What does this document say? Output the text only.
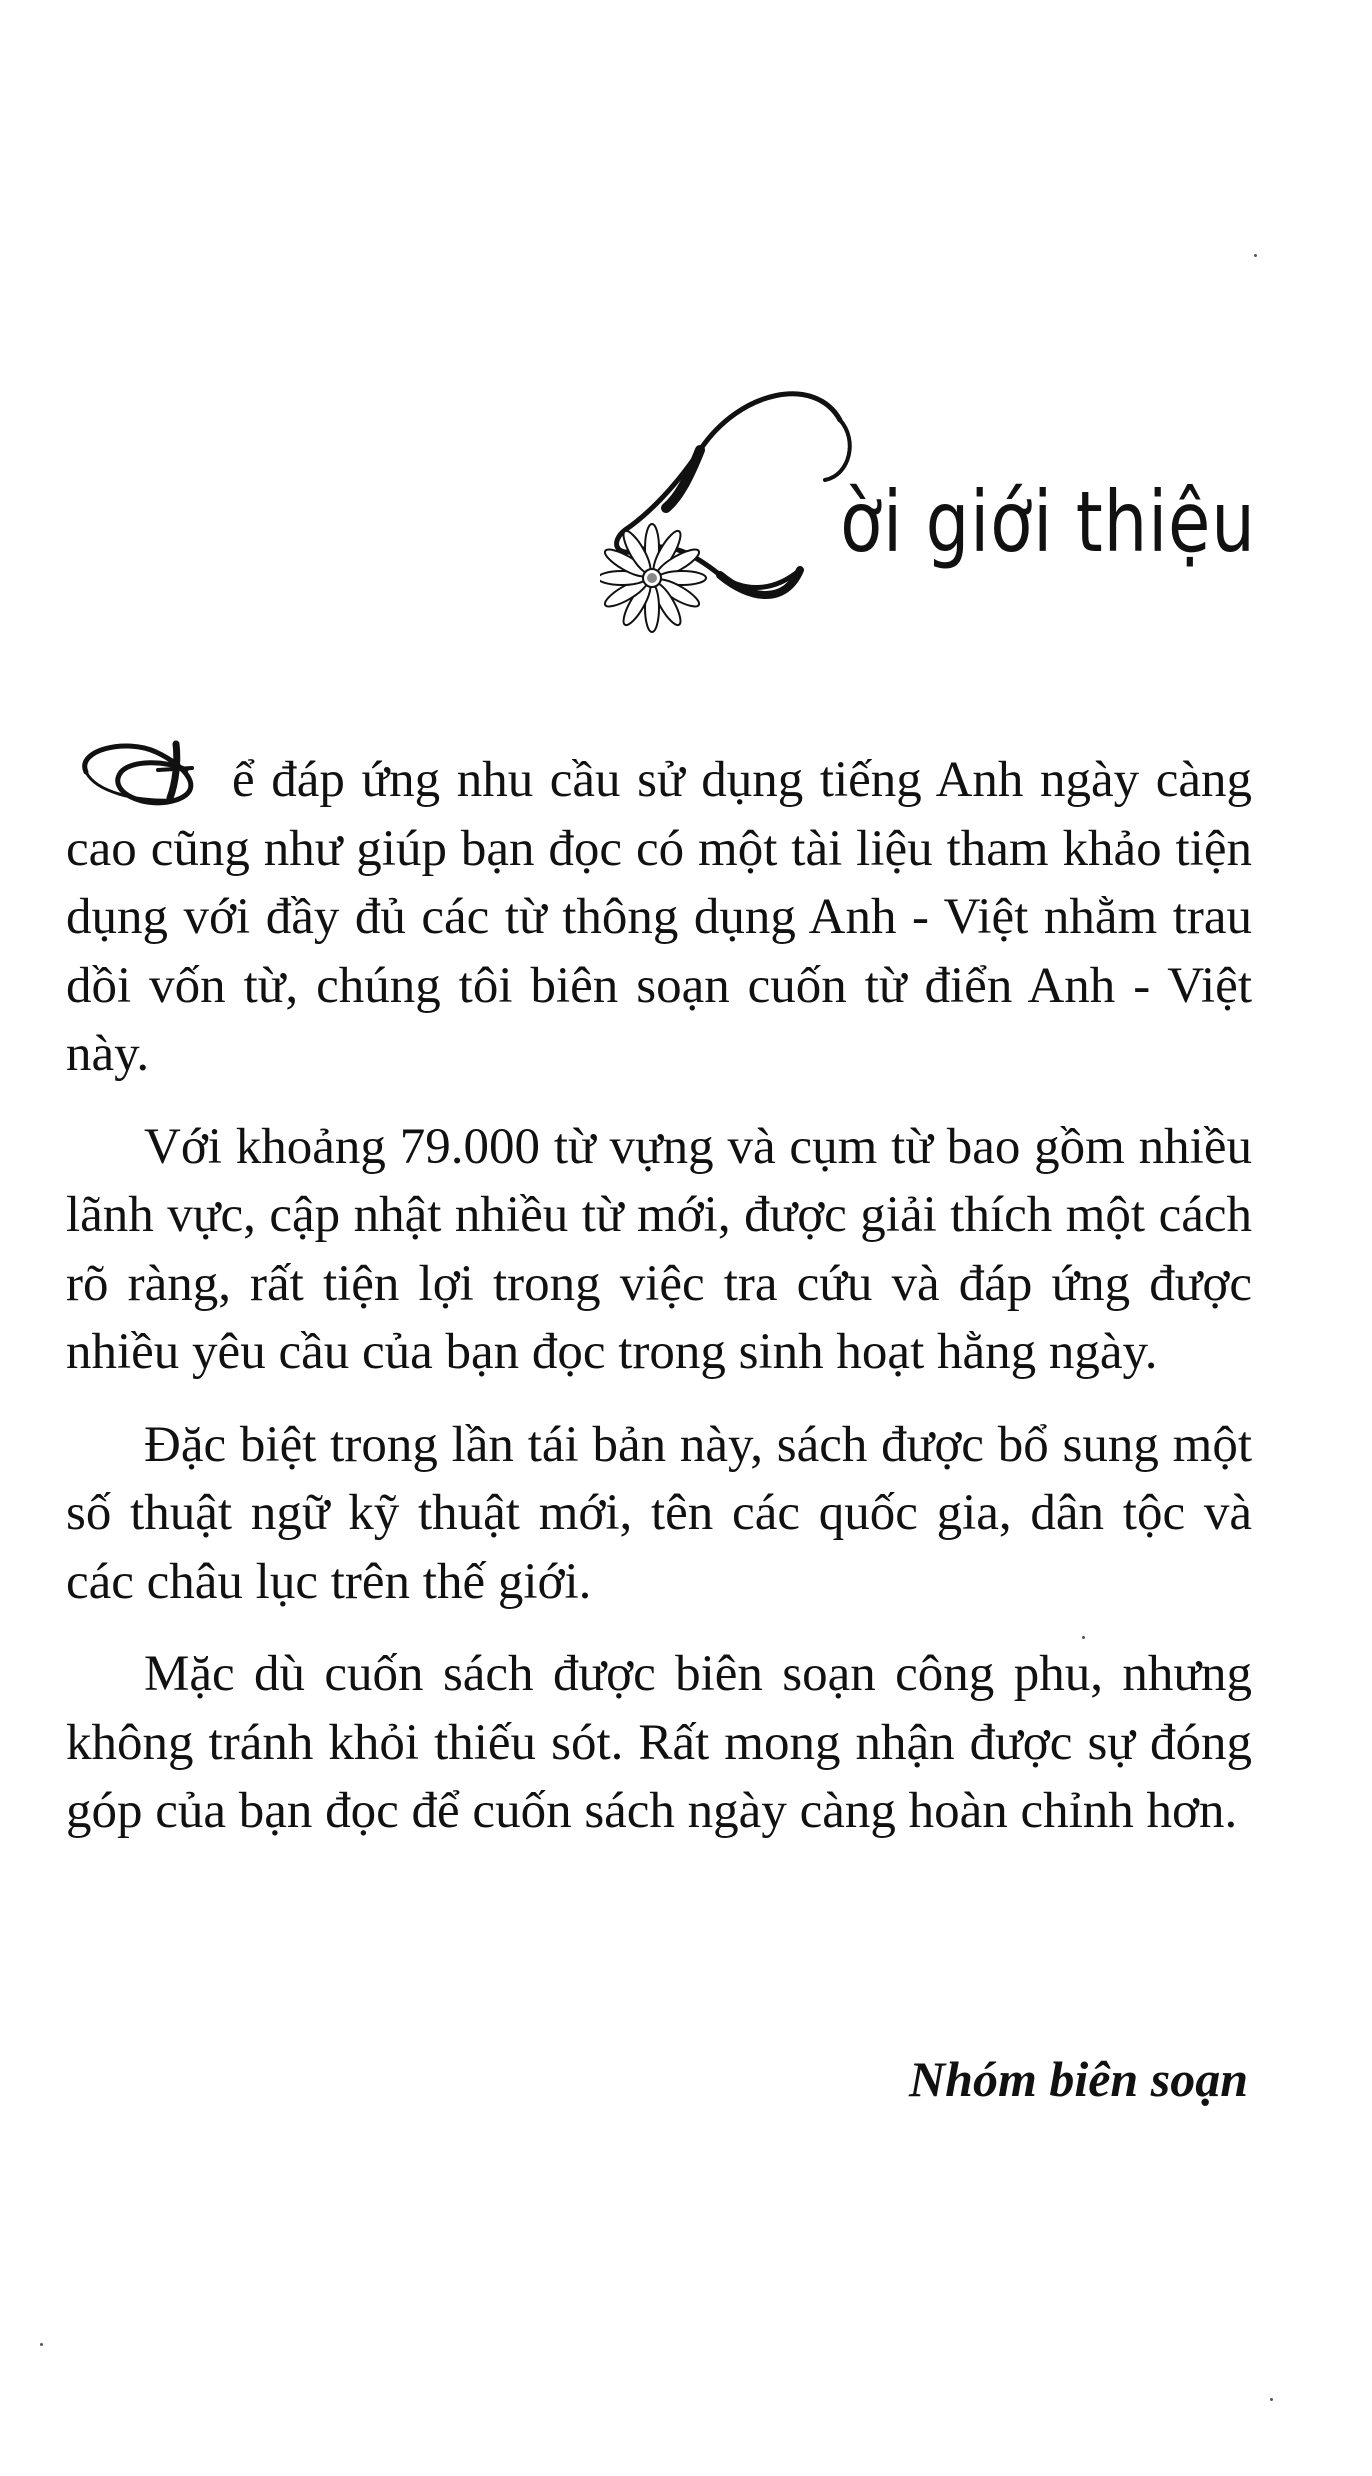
ời giới thiệu

ể đáp ứng nhu cầu sử dụng tiếng Anh ngày càng cao cũng như giúp bạn đọc có một tài liệu tham khảo tiện dụng với đầy đủ các từ thông dụng Anh - Việt nhằm trau dồi vốn từ, chúng tôi biên soạn cuốn từ điển Anh - Việt này.

Với khoảng 79.000 từ vựng và cụm từ bao gồm nhiều lãnh vực, cập nhật nhiều từ mới, được giải thích một cách rõ ràng, rất tiện lợi trong việc tra cứu và đáp ứng được nhiều yêu cầu của bạn đọc trong sinh hoạt hằng ngày.

Đặc biệt trong lần tái bản này, sách được bổ sung một số thuật ngữ kỹ thuật mới, tên các quốc gia, dân tộc và các châu lục trên thế giới.

Mặc dù cuốn sách được biên soạn công phu, nhưng không tránh khỏi thiếu sót. Rất mong nhận được sự đóng góp của bạn đọc để cuốn sách ngày càng hoàn chỉnh hơn.

Nhóm biên soạn
